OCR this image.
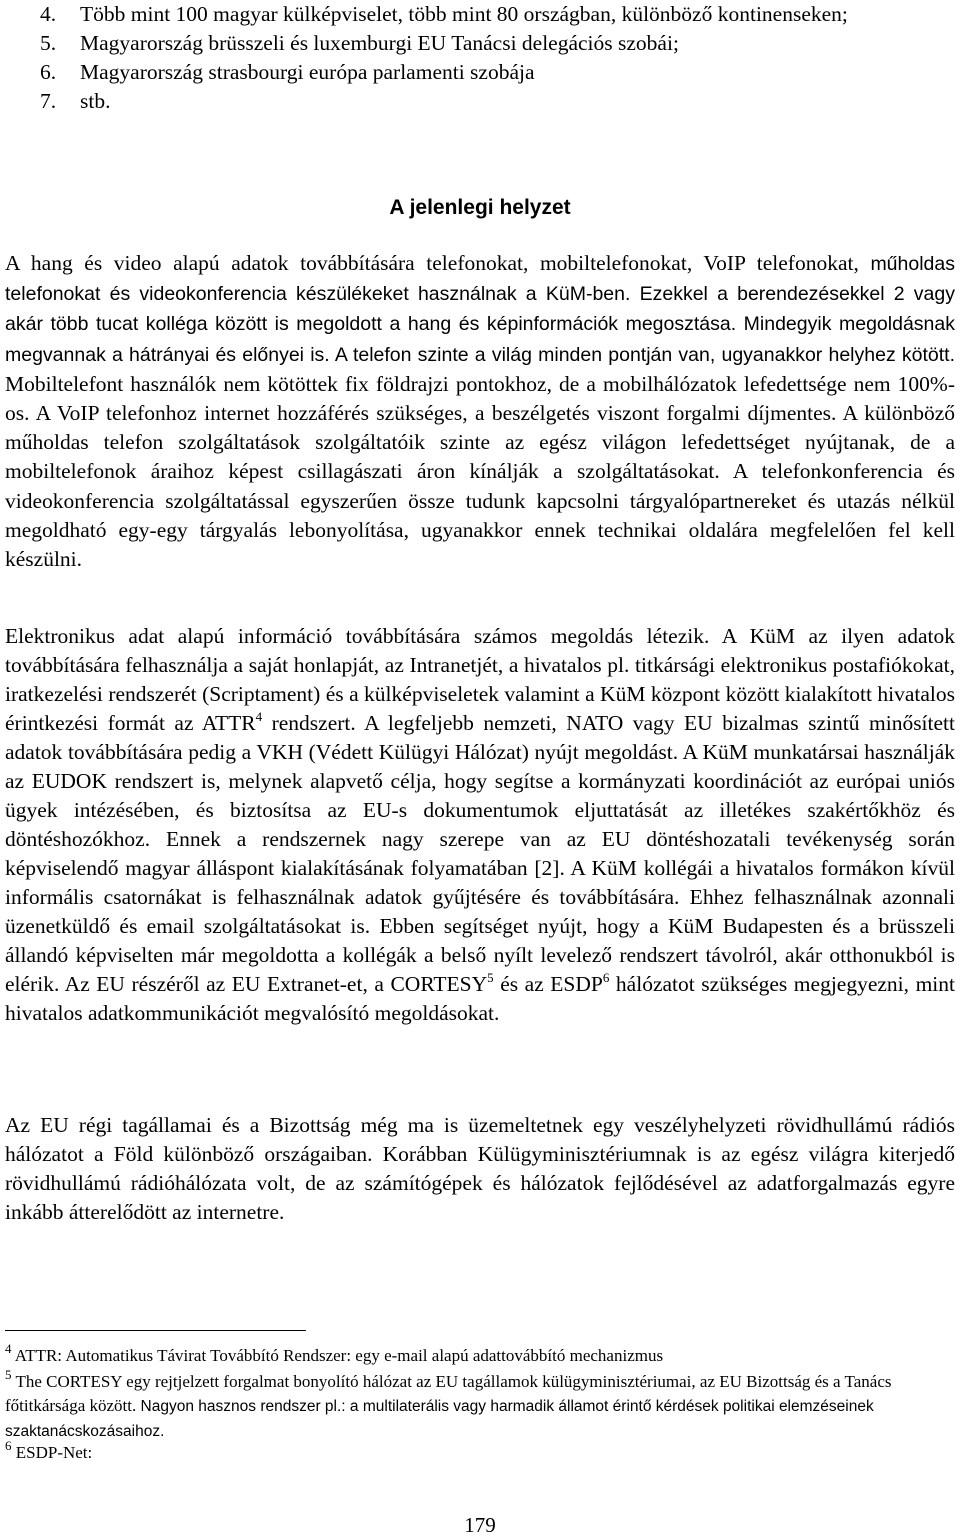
4. Több mint 100 magyar külképviselet, több mint 80 országban, különböző kontinenseken;
5. Magyarország brüsszeli és luxemburgi EU Tanácsi delegációs szobái;
6. Magyarország strasbourgi európa parlamenti szobája
7. stb.
A jelenlegi helyzet
A hang és video alapú adatok továbbítására telefonokat, mobiltelefonokat, VoIP telefonokat, műholdas telefonokat és videokonferencia készülékeket használnak a KüM-ben. Ezekkel a berendezésekkel 2 vagy akár több tucat kolléga között is megoldott a hang és képinformációk megosztása. Mindegyik megoldásnak megvannak a hátrányai és előnyei is. A telefon szinte a világ minden pontján van, ugyanakkor helyhez kötött. Mobiltelefont használók nem kötöttek fix földrajzi pontokhoz, de a mobilhálózatok lefedettsége nem 100%-os. A VoIP telefonhoz internet hozzáférés szükséges, a beszélgetés viszont forgalmi díjmentes. A különböző műholdas telefon szolgáltatások szolgáltatóik szinte az egész világon lefedettséget nyújtanak, de a mobiltelefonok áraihoz képest csillagászati áron kínálják a szolgáltatásokat. A telefonkonferencia és videokonferencia szolgáltatással egyszerűen össze tudunk kapcsolni tárgyalópartnereket és utazás nélkül megoldható egy-egy tárgyalás lebonyolítása, ugyanakkor ennek technikai oldalára megfelelően fel kell készülni.
Elektronikus adat alapú információ továbbítására számos megoldás létezik. A KüM az ilyen adatok továbbítására felhasználja a saját honlapját, az Intranetjét, a hivatalos pl. titkársági elektronikus postafiókokat, iratkezelési rendszerét (Scriptament) és a külképviseletek valamint a KüM központ között kialakított hivatalos érintkezési formát az ATTR$^4$ rendszert. A legfeljebb nemzeti, NATO vagy EU bizalmas szintű minősített adatok továbbítására pedig a VKH (Védett Külügyi Hálózat) nyújt megoldást. A KüM munkatársai használják az EUDOK rendszert is, melynek alapvető célja, hogy segítse a kormányzati koordinációt az európai uniós ügyek intézésében, és biztosítsa az EU-s dokumentumok eljuttatását az illetékes szakértőkhöz és döntéshozókhoz. Ennek a rendszernek nagy szerepe van az EU döntéshozatali tevékenység során képviselendő magyar álláspont kialakításának folyamatában [2]. A KüM kollégái a hivatalos formákon kívül informális csatornákat is felhasználnak adatok gyűjtésére és továbbítására. Ehhez felhasználnak azonnali üzenetküldő és email szolgáltatásokat is. Ebben segítséget nyújt, hogy a KüM Budapesten és a brüsszeli állandó képviselten már megoldotta a kollégák a belső nyílt levelező rendszert távolról, akár otthonukból is elérik. Az EU részéről az EU Extranet-et, a CORTESY$^5$ és az ESDP$^6$ hálózatot szükséges megjegyezni, mint hivatalos adatkommunikációt megvalósító megoldásokat.
Az EU régi tagállamai és a Bizottság még ma is üzemeltetnek egy veszélyhelyzeti rövidhullámú rádiós hálózatot a Föld különböző országaiban. Korábban Külügyminisztériumnak is az egész világra kiterjedő rövidhullámú rádióhálózata volt, de az számítógépek és hálózatok fejlődésével az adatforgalmazás egyre inkább átterelődött az internetre.
$^4$ ATTR: Automatikus Távirat Továbbító Rendszer: egy e-mail alapú adattovábbító mechanizmus
$^5$ The CORTESY egy rejtjelzett forgalmat bonyolító hálózat az EU tagállamok külügyminisztériumai, az EU Bizottság és a Tanács főtitkársága között. Nagyon hasznos rendszer pl.: a multilaterális vagy harmadik államot érintő kérdések politikai elemzéseinek szaktanácskozásaihoz.
$^6$ ESDP-Net:
179
